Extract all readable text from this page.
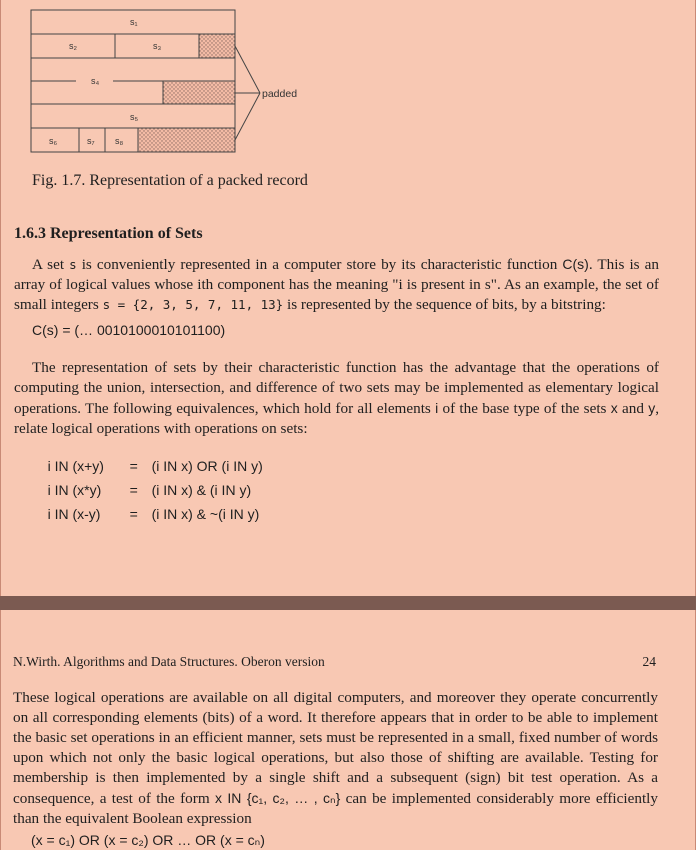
s₁
s₂	s₃
s₄
s₅
s₆	s₇ s₈
padded
Fig. 1.7. Representation of a packed record
1.6.3 Representation of Sets
A set s is conveniently represented in a computer store by its characteristic function C(s). This is an array of logical values whose ith component has the meaning "i is present in s". As an example, the set of small integers s = {2, 3, 5, 7, 11, 13} is represented by the sequence of bits, by a bitstring:
C(s) = (… 0010100010101100)
The representation of sets by their characteristic function has the advantage that the operations of computing the union, intersection, and difference of two sets may be implemented as elementary logical operations. The following equivalences, which hold for all elements i of the base type of the sets x and y, relate logical operations with operations on sets:

i IN (x+y) = (i IN x) OR (i IN y)

i IN (x*y) = (i IN x) & (i IN y)

i IN (x-y) = (i IN x) & ~(i IN y)

N.Wirth. Algorithms and Data Structures. Oberon version	24
These logical operations are available on all digital computers, and moreover they operate concurrently on all corresponding elements (bits) of a word. It therefore appears that in order to be able to implement the basic set operations in an efficient manner, sets must be represented in a small, fixed number of words upon which not only the basic logical operations, but also those of shifting are available. Testing for membership is then implemented by a single shift and a subsequent (sign) bit test operation. As a consequence, a test of the form x IN {c₁, c₂, … , cₙ} can be implemented considerably more efficiently than the equivalent Boolean expression
(x = c₁) OR (x = c₂) OR … OR (x = cₙ)
